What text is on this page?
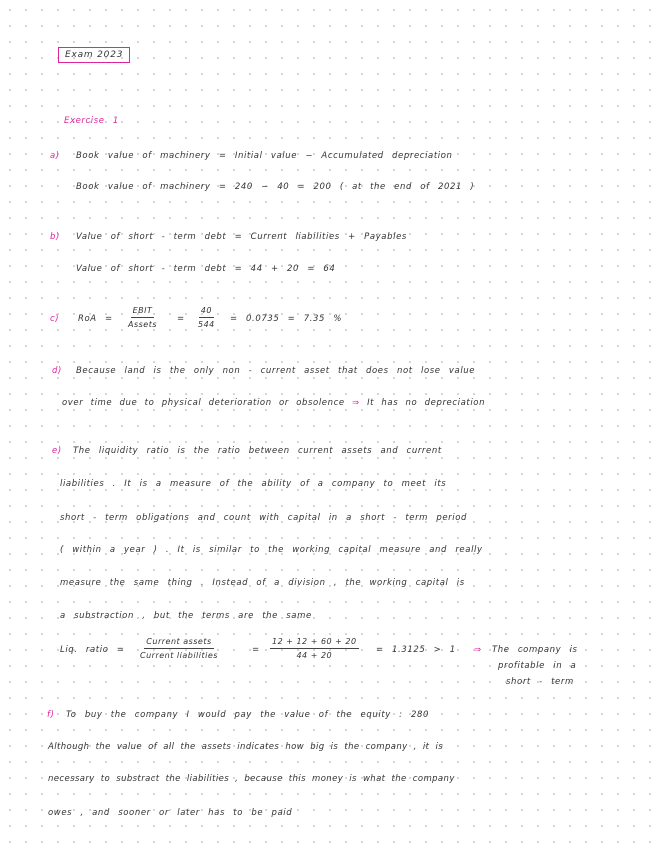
Exam 2023
Exercise 1
a) Book value of machinery = Initial value − Accumulated depreciation
Book value of machinery = 240 − 40 = 200 ( at the end of 2021 )
b) Value of short - term debt = Current liabilities + Payables
Value of short - term debt = 44 + 20 = 64
c) RoA =
EBIT
Assets
= $\frac{40}{544} = 0.0735 = 7.35$ %
d) Because land is the only non - current asset that does not lose value
over time due to physical deterioration or obsolence ⇒ It has no depreciation
e) The liquidity ratio is the ratio between current assets and current
liabilities . It is a measure of the ability of a company to meet its
short - term obligations and count with capital in a short - term period
( within a year ) . It is similar to the working capital measure and really
measure the same thing . Instead of a division , the working capital is
a substraction , but the terms are the same
Liq. ratio =
Current assets
Current liabilities
= $\frac{12 + 12 + 60 + 20}{44 + 20} = 1.3125 > 1$ ⇒ The company is
profitable in a
short - term
f) To buy the company I would pay the value of the equity : 280
Although the value of all the assets indicates how big is the company , it is
necessary to substract the liabilities , because this money is what the company
owes , and sooner or later has to be paid
